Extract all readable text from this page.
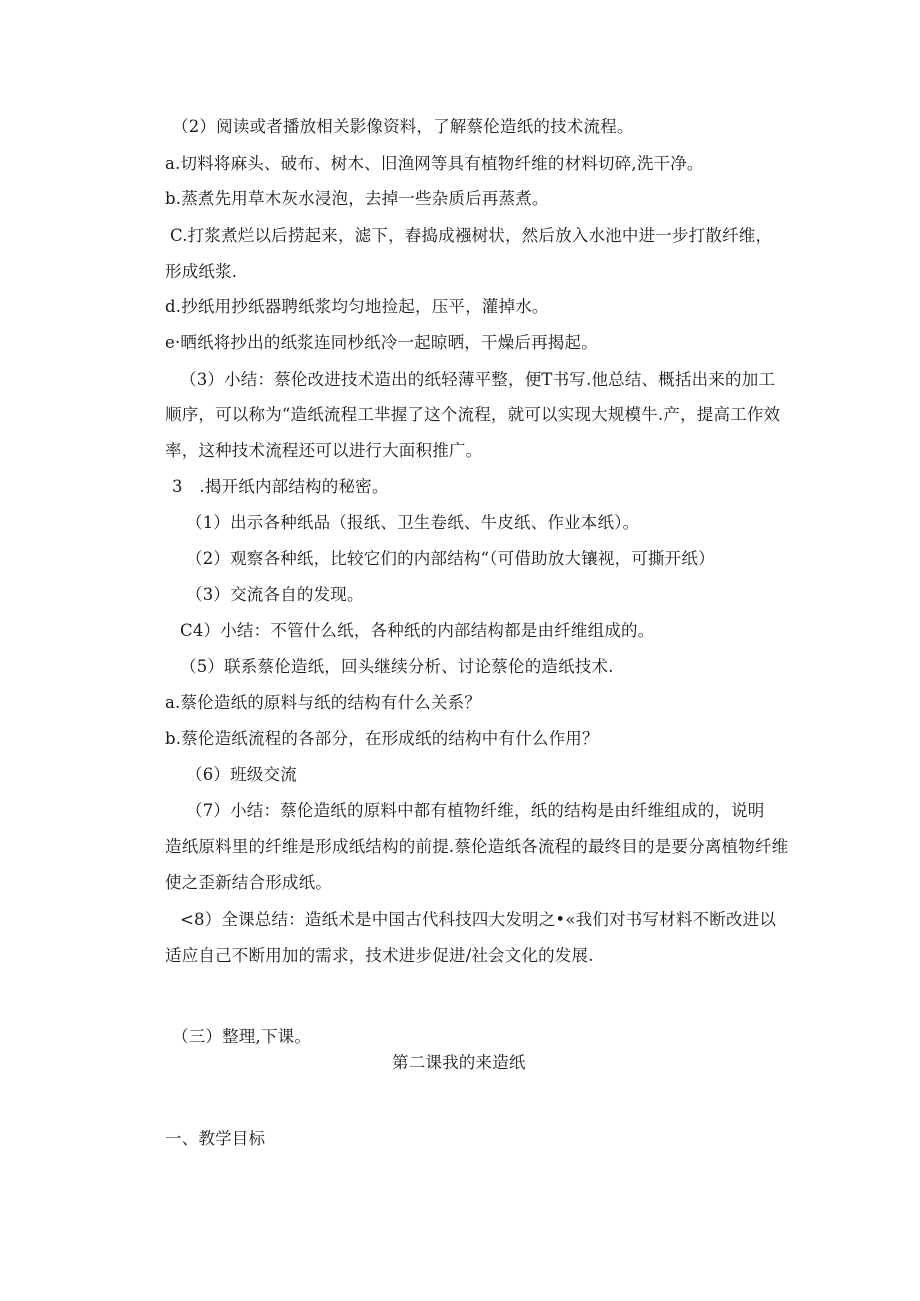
（2）阅读或者播放相关影像资料，了解蔡伦造纸的技术流程。
a.切料将麻头、破布、树木、旧渔网等具有植物纤维的材料切碎,洗干净。
b.蒸煮先用草木灰水浸泡，去掉一些杂质后再蒸煮。
C.打浆煮烂以后捞起来，滤下，舂捣成襁树状，然后放入水池中进一步打散纤维，
形成纸浆.
d.抄纸用抄纸器聘纸浆均匀地捡起，压平，灌掉水。
e·晒纸将抄出的纸浆连同杪纸冷一起晾晒，干燥后再揭起。
（3）小结：蔡伦改进技术造出的纸轻薄平整，便T书写.他总结、概括出来的加工
顺序，可以称为“造纸流程工芈握了这个流程，就可以实现大规模牛.产，提高工作效
率，这种技术流程还可以进行大面积推广。
3　.揭开纸内部结构的秘密。
（1）出示各种纸品（报纸、卫生卷纸、牛皮纸、作业本纸）。
（2）观察各种纸，比较它们的内部结构“（可借助放大镶视，可撕开纸）
（3）交流各自的发现。
C4）小结：不管什么纸，各种纸的内部结构都是由纤维组成的。
（5）联系蔡伦造纸，回头继续分析、讨论蔡伦的造纸技术.
a.蔡伦造纸的原料与纸的结构有什么关系？
b.蔡伦造纸流程的各部分，在形成纸的结构中有什么作用？
（6）班级交流
（7）小结：蔡伦造纸的原料中都有植物纤维，纸的结构是由纤维组成的，说明
造纸原料里的纤维是形成纸结构的前提.蔡伦造纸各流程的最终目的是要分离植物纤维
使之歪新结合形成纸。
<8）全课总结：造纸术是中国古代科技四大发明之•«我们对书写材料不断改进以
适应自己不断用加的需求，技术进步促进/社会文化的发展.
（三）整理,下课。
第二课我的来造纸
一、教学目标
